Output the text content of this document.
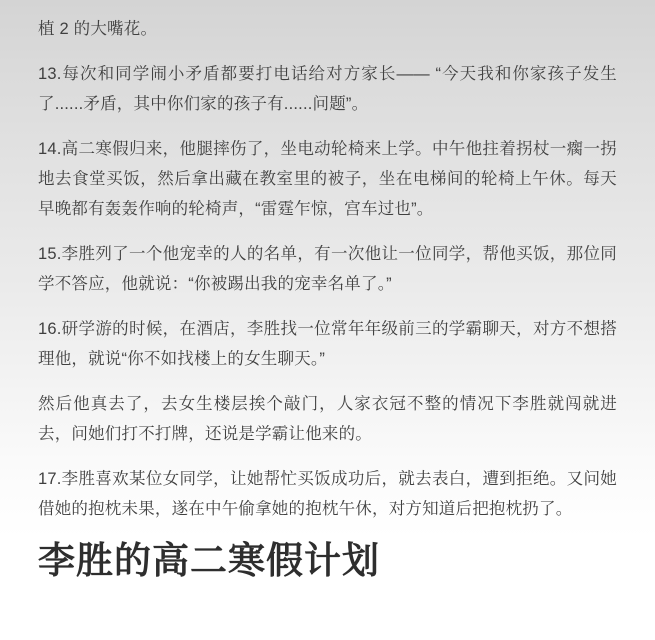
植 2 的大嘴花。

13.每次和同学闹小矛盾都要打电话给对方家长—— “今天我和你家孩子发生了......矛盾，其中你们家的孩子有......问题”。

14.高二寒假归来，他腿摔伤了，坐电动轮椅来上学。中午他拄着拐杖一瘸一拐地去食堂买饭，然后拿出藏在教室里的被子，坐在电梯间的轮椅上午休。每天早晚都有轰轰作响的轮椅声，“雷霆乍惊，宫车过也”。

15.李胜列了一个他宠幸的人的名单，有一次他让一位同学，帮他买饭，那位同学不答应，他就说：“你被踢出我的宠幸名单了。”

16.研学游的时候，在酒店，李胜找一位常年年级前三的学霸聊天，对方不想搭理他，就说“你不如找楼上的女生聊天。”

然后他真去了，去女生楼层挨个敲门，人家衣冠不整的情况下李胜就闯就进去，问她们打不打牌，还说是学霸让他来的。

17.李胜喜欢某位女同学，让她帮忙买饭成功后，就去表白，遭到拒绝。又问她借她的抱枕未果，遂在中午偷拿她的抱枕午休，对方知道后把抱枕扔了。

李胜的高二寒假计划
